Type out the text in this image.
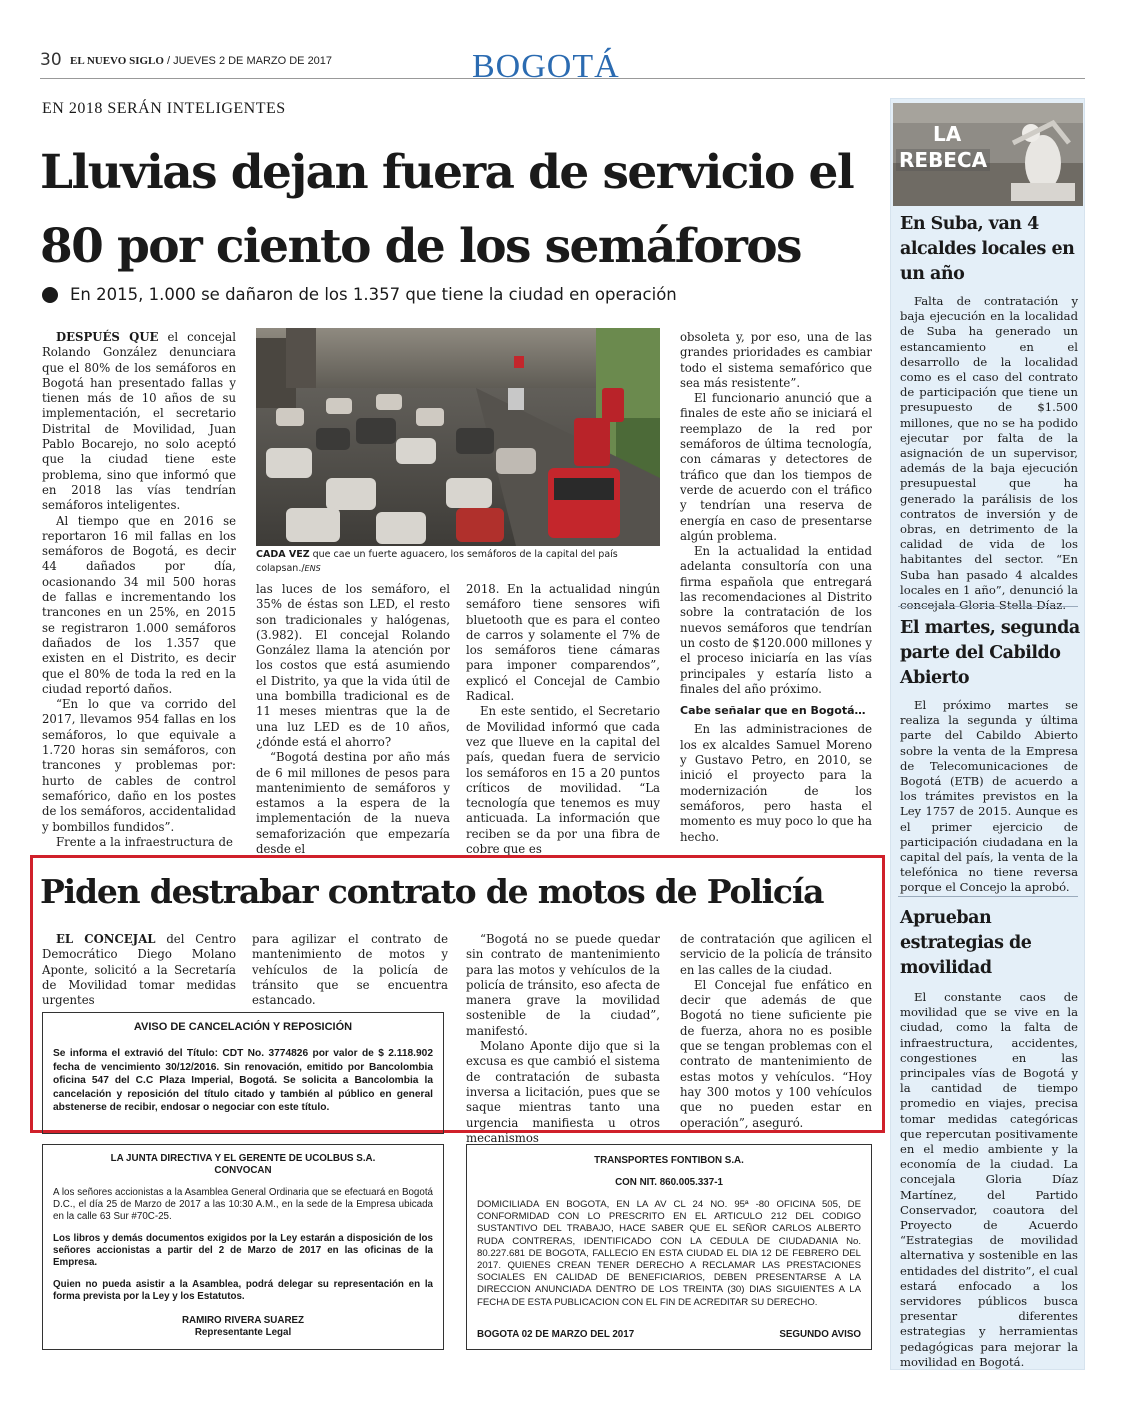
30 EL NUEVO SIGLO / JUEVES 2 DE MARZO DE 2017	BOGOTÁ
EN 2018 SERÁN INTELIGENTES
Lluvias dejan fuera de servicio el
80 por ciento de los semáforos
En 2015, 1.000 se dañaron de los 1.357 que tiene la ciudad en operación

DESPUÉS QUE el concejal Rolando González denunciara que el 80% de los semáforos en Bogotá han presentado fallas y tienen más de 10 años de su implementación, el secretario Distrital de Movilidad, Juan Pablo Bocarejo, no solo aceptó que la ciudad tiene este problema, sino que informó que en 2018 las vías tendrían semáforos inteligentes.

Al tiempo que en 2016 se reportaron 16 mil fallas en los semáforos de Bogotá, es decir 44 dañados por día, ocasionando 34 mil 500 horas de fallas e incrementando los trancones en un 25%, en 2015 se registraron 1.000 semáforos dañados de los 1.357 que existen en el Distrito, es decir que el 80% de toda la red en la ciudad reportó daños.

“En lo que va corrido del 2017, llevamos 954 fallas en los semáforos, lo que equivale a 1.720 horas sin semáforos, con trancones y problemas por: hurto de cables de control semafórico, daño en los postes de los semáforos, accidentalidad y bombillos fundidos”.

Frente a la infraestructura de

CADA VEZ que cae un fuerte aguacero, los semáforos de la capital del país colapsan./ENS

las luces de los semáforo, el 35% de éstas son LED, el resto son tradicionales y halógenas, (3.982). El concejal Rolando González llama la atención por los costos que está asumiendo el Distrito, ya que la vida útil de una bombilla tradicional es de 11 meses mientras que la de una luz LED es de 10 años, ¿dónde está el ahorro?

“Bogotá destina por año más de 6 mil millones de pesos para mantenimiento de semáforos y estamos a la espera de la implementación de la nueva semaforización que empezaría desde el

2018. En la actualidad ningún semáforo tiene sensores wifi bluetooth que es para el conteo de carros y solamente el 7% de los semáforos tiene cámaras para imponer comparendos”, explicó el Concejal de Cambio Radical.

En este sentido, el Secretario de Movilidad informó que cada vez que llueve en la capital del país, quedan fuera de servicio los semáforos en 15 a 20 puntos críticos de movilidad. “La tecnología que tenemos es muy anticuada. La información que reciben se da por una fibra de cobre que es

obsoleta y, por eso, una de las grandes prioridades es cambiar todo el sistema semafórico que sea más resistente”.

El funcionario anunció que a finales de este año se iniciará el reemplazo de la red por semáforos de última tecnología, con cámaras y detectores de tráfico que dan los tiempos de verde de acuerdo con el tráfico y tendrían una reserva de energía en caso de presentarse algún problema.

En la actualidad la entidad adelanta consultoría con una firma española que entregará las recomendaciones al Distrito sobre la contratación de los nuevos semáforos que tendrían un costo de $120.000 millones y el proceso iniciaría en las vías principales y estaría listo a finales del año próximo.

Cabe señalar que en Bogotá…

En las administraciones de los ex alcaldes Samuel Moreno y Gustavo Petro, en 2010, se inició el proyecto para la modernización de los semáforos, pero hasta el momento es muy poco lo que ha hecho.

LA
REBECA
En Suba, van 4 alcaldes locales en un año

Falta de contratación y baja ejecución en la localidad de Suba ha generado un estancamiento en el desarrollo de la localidad como es el caso del contrato de participación que tiene un presupuesto de $1.500 millones, que no se ha podido ejecutar por falta de la asignación de un supervisor, además de la baja ejecución presupuestal que ha generado la parálisis de los contratos de inversión y de obras, en detrimento de la calidad de vida de los habitantes del sector. “En Suba han pasado 4 alcaldes locales en 1 año”, denunció la concejala Gloria Stella Díaz.

El martes, segunda parte del Cabildo Abierto

El próximo martes se realiza la segunda y última parte del Cabildo Abierto sobre la venta de la Empresa de Telecomunicaciones de Bogotá (ETB) de acuerdo a los trámites previstos en la Ley 1757 de 2015. Aunque es el primer ejercicio de participación ciudadana en la capital del país, la venta de la telefónica no tiene reversa porque el Concejo la aprobó.

Aprueban estrategias de movilidad

El constante caos de movilidad que se vive en la ciudad, como la falta de infraestructura, accidentes, congestiones en las principales vías de Bogotá y la cantidad de tiempo promedio en viajes, precisa tomar medidas categóricas que repercutan positivamente en el medio ambiente y la economía de la ciudad. La concejala Gloria Díaz Martínez, del Partido Conservador, coautora del Proyecto de Acuerdo “Estrategias de movilidad alternativa y sostenible en las entidades del distrito”, el cual estará enfocado a los servidores públicos busca presentar diferentes estrategias y herramientas pedagógicas para mejorar la movilidad en Bogotá.

Piden destrabar contrato de motos de Policía

EL CONCEJAL del Centro Democrático Diego Molano Aponte, solicitó a la Secretaría de Movilidad tomar medidas urgentes

para agilizar el contrato de mantenimiento de motos y vehículos de la policía de tránsito que se encuentra estancado.

“Bogotá no se puede quedar sin contrato de mantenimiento para las motos y vehículos de la policía de tránsito, eso afecta de manera grave la movilidad sostenible de la ciudad”, manifestó.

Molano Aponte dijo que si la excusa es que cambió el sistema de contratación de subasta inversa a licitación, pues que se saque mientras tanto una urgencia manifiesta u otros mecanismos

de contratación que agilicen el servicio de la policía de tránsito en las calles de la ciudad.

El Concejal fue enfático en decir que además de que Bogotá no tiene suficiente pie de fuerza, ahora no es posible que se tengan problemas con el contrato de mantenimiento de estas motos y vehículos. “Hoy hay 300 motos y 100 vehículos que no pueden estar en operación”, aseguró.

AVISO DE CANCELACIÓN Y REPOSICIÓN
Se informa el extravió del Título: CDT No. 3774826 por valor de $ 2.118.902 fecha de vencimiento 30/12/2016. Sin renovación, emitido por Bancolombia oficina 547 del C.C Plaza Imperial, Bogotá. Se solicita a Bancolombia la cancelación y reposición del título citado y también al público en general abstenerse de recibir, endosar o negociar con este título.
LA JUNTA DIRECTIVA Y EL GERENTE DE UCOLBUS S.A.
CONVOCAN
A los señores accionistas a la Asamblea General Ordinaria que se efectuará en Bogotá D.C., el día 25 de Marzo de 2017 a las 10:30 A.M., en la sede de la Empresa ubicada en la calle 63 Sur #70C-25.
Los libros y demás documentos exigidos por la Ley estarán a disposición de los señores accionistas a partir del 2 de Marzo de 2017 en las oficinas de la Empresa.
Quien no pueda asistir a la Asamblea, podrá delegar su representación en la forma prevista por la Ley y los Estatutos.
RAMIRO RIVERA SUAREZ
Representante Legal
TRANSPORTES FONTIBON S.A.
CON NIT. 860.005.337-1
DOMICILIADA EN BOGOTA, EN LA AV CL 24 NO. 95ª -80 OFICINA 505, DE CONFORMIDAD CON LO PRESCRITO EN EL ARTICULO 212 DEL CODIGO SUSTANTIVO DEL TRABAJO, HACE SABER QUE EL SEÑOR CARLOS ALBERTO RUDA CONTRERAS, IDENTIFICADO CON LA CEDULA DE CIUDADANIA No. 80.227.681 DE BOGOTA, FALLECIO EN ESTA CIUDAD EL DIA 12 DE FEBRERO DEL 2017. QUIENES CREAN TENER DERECHO A RECLAMAR LAS PRESTACIONES SOCIALES EN CALIDAD DE BENEFICIARIOS, DEBEN PRESENTARSE A LA DIRECCION ANUNCIADA DENTRO DE LOS TREINTA (30) DIAS SIGUIENTES A LA FECHA DE ESTA PUBLICACION CON EL FIN DE ACREDITAR SU DERECHO.
BOGOTA 02 DE MARZO DEL 2017	SEGUNDO AVISO
